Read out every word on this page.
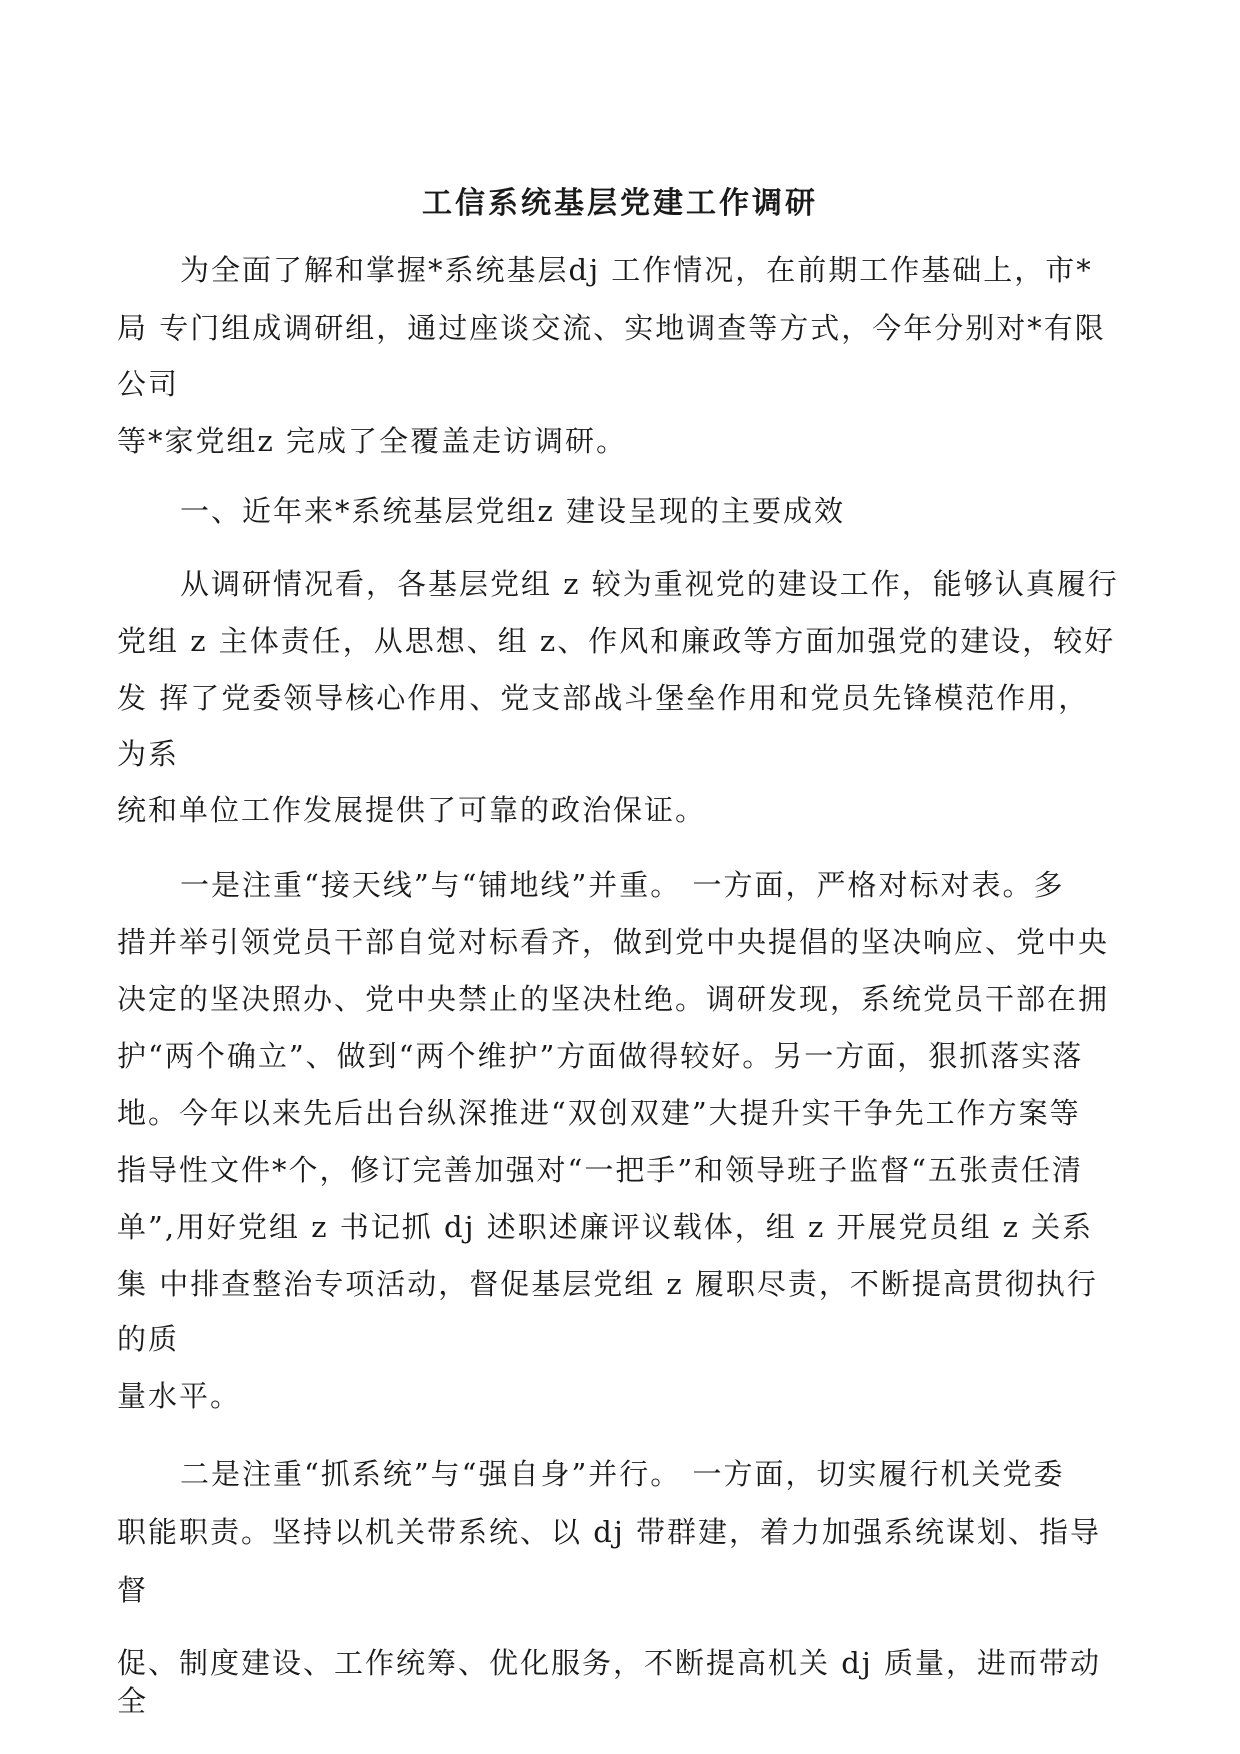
工信系统基层党建工作调研
为全面了解和掌握*系统基层dj 工作情况，在前期工作基础上，市*
局 专门组成调研组，通过座谈交流、实地调查等方式，今年分别对*有限
公司
等*家党组z 完成了全覆盖走访调研。
一、近年来*系统基层党组z 建设呈现的主要成效
从调研情况看，各基层党组 z 较为重视党的建设工作，能够认真履行
党组 z 主体责任，从思想、组 z、作风和廉政等方面加强党的建设，较好
发 挥了党委领导核心作用、党支部战斗堡垒作用和党员先锋模范作用，
为系
统和单位工作发展提供了可靠的政治保证。
一是注重“接天线”与“铺地线”并重。 一方面，严格对标对表。多
措并举引领党员干部自觉对标看齐，做到党中央提倡的坚决响应、党中央
决定的坚决照办、党中央禁止的坚决杜绝。调研发现，系统党员干部在拥
护“两个确立”、做到“两个维护”方面做得较好。另一方面，狠抓落实落
地。今年以来先后出台纵深推进“双创双建”大提升实干争先工作方案等
指导性文件*个，修订完善加强对“一把手”和领导班子监督“五张责任清
单”,用好党组 z 书记抓 dj 述职述廉评议载体，组 z 开展党员组 z 关系
集 中排查整治专项活动，督促基层党组 z 履职尽责，不断提高贯彻执行
的质
量水平。
二是注重“抓系统”与“强自身”并行。 一方面，切实履行机关党委
职能职责。坚持以机关带系统、以 dj 带群建，着力加强系统谋划、指导
督
促、制度建设、工作统筹、优化服务，不断提高机关 dj 质量，进而带动
全
